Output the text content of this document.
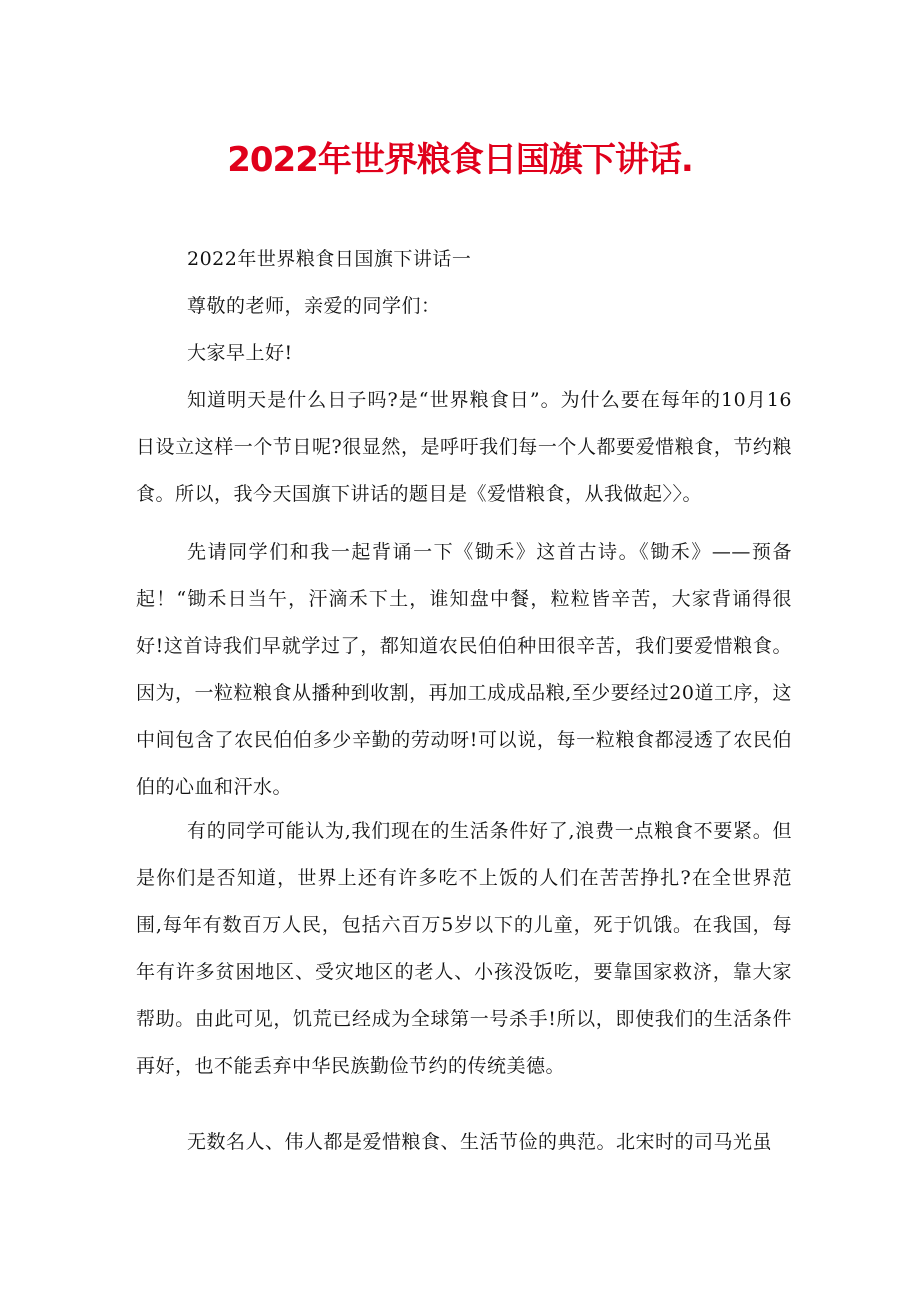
2022年世界粮食日国旗下讲话.

2022年世界粮食日国旗下讲话一

尊敬的老师，亲爱的同学们：

大家早上好!

知道明天是什么日子吗?是“世界粮食日”。为什么要在每年的10月16日设立这样一个节日呢?很显然，是呼吁我们每一个人都要爱惜粮食，节约粮食。所以，我今天国旗下讲话的题目是《爱惜粮食，从我做起〉〉。

先请同学们和我一起背诵一下《锄禾》这首古诗。《锄禾》——预备起！“锄禾日当午，汗滴禾下土，谁知盘中餐，粒粒皆辛苦，大家背诵得很好!这首诗我们早就学过了，都知道农民伯伯种田很辛苦，我们要爱惜粮食。因为，一粒粒粮食从播种到收割，再加工成成品粮,至少要经过20道工序，这中间包含了农民伯伯多少辛勤的劳动呀!可以说，每一粒粮食都浸透了农民伯伯的心血和汗水。

有的同学可能认为,我们现在的生活条件好了,浪费一点粮食不要紧。但是你们是否知道，世界上还有许多吃不上饭的人们在苦苦挣扎?在全世界范围,每年有数百万人民，包括六百万5岁以下的儿童，死于饥饿。在我国，每年有许多贫困地区、受灾地区的老人、小孩没饭吃，要靠国家救济，靠大家帮助。由此可见，饥荒已经成为全球第一号杀手!所以，即使我们的生活条件再好，也不能丢弃中华民族勤俭节约的传统美德。

无数名人、伟人都是爱惜粮食、生活节俭的典范。北宋时的司马光虽
